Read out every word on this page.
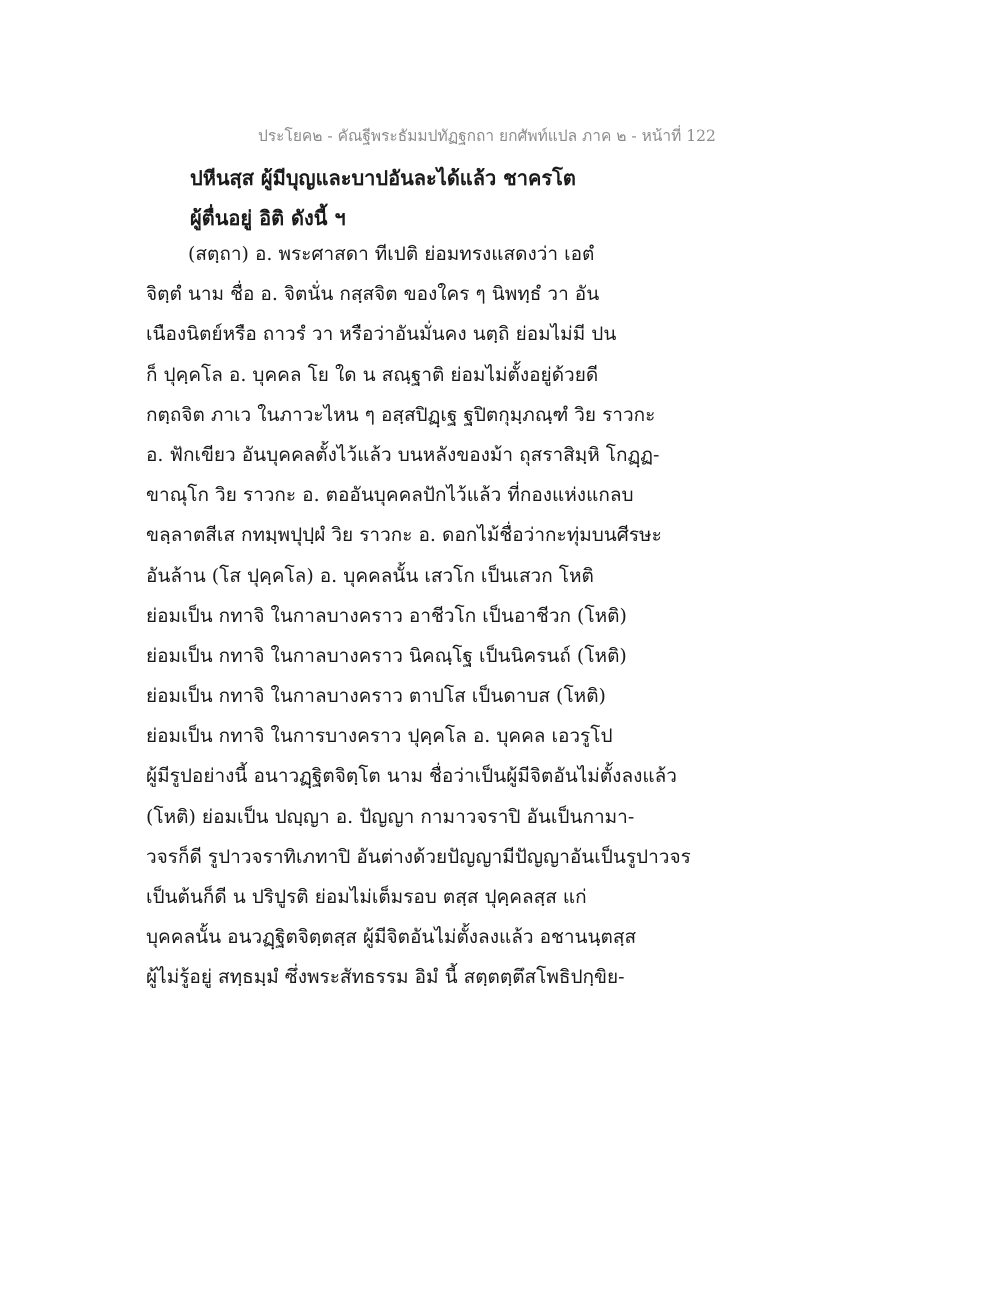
ประโยค๒ - คัณฐีพระธัมมปทัฏฐกถา ยกศัพท์แปล ภาค ๒ - หน้าที่ 122
ปหีนสฺส ผู้มีบุญและบาปอันละได้แล้ว ชาครโต
ผู้ตื่นอยู่ อิติ ดังนี้ ฯ
(สตฺถา) อ. พระศาสดา ทีเปติ ย่อมทรงแสดงว่า เอตํ
จิตฺตํ นาม ชื่อ อ. จิตนั่น กสฺสจิต ของใคร ๆ นิพทฺธํ วา อัน
เนืองนิตย์หรือ ถาวรํ วา หรือว่าอันมั่นคง นตฺถิ ย่อมไม่มี ปน
ก็ ปุคฺคโล อ. บุคคล โย ใด น สณฺฐาติ ย่อมไม่ตั้งอยู่ด้วยดี
กตฺถจิต ภาเว ในภาวะไหน ๆ อสฺสปิฏฺเฐ ฐปิตกุมฺภณฺฑํ วิย ราวกะ
อ. ฟักเขียว อันบุคคลตั้งไว้แล้ว บนหลังของม้า ถุสราสิมฺหิ โกฏฺฏ-
ขาณุโก วิย ราวกะ อ. ตออันบุคคลปักไว้แล้ว ที่กองแห่งแกลบ
ขลฺลาตสีเส กทมฺพปุปฺผํ วิย ราวกะ อ. ดอกไม้ชื่อว่ากะทุ่มบนศีรษะ
อันล้าน (โส ปุคฺคโล) อ. บุคคลนั้น เสวโก เป็นเสวก โหติ
ย่อมเป็น กทาจิ ในกาลบางคราว อาชีวโก เป็นอาชีวก (โหติ)
ย่อมเป็น กทาจิ ในกาลบางคราว นิคณฺโฐ เป็นนิครนถ์ (โหติ)
ย่อมเป็น กทาจิ ในกาลบางคราว ตาปโส เป็นดาบส (โหติ)
ย่อมเป็น กทาจิ ในการบางคราว ปุคฺคโล อ. บุคคล เอวรูโป
ผู้มีรูปอย่างนี้ อนาวฏฺฐิตจิตฺโต นาม ชื่อว่าเป็นผู้มีจิตอันไม่ตั้งลงแล้ว
(โหติ) ย่อมเป็น ปญฺญา อ. ปัญญา กามาวจราปิ อันเป็นกามา-
วจรก็ดี รูปาวจราทิเภทาปิ อันต่างด้วยปัญญามีปัญญาอันเป็นรูปาวจร
เป็นต้นก็ดี น ปริปูรติ ย่อมไม่เต็มรอบ ตสฺส ปุคฺคลสฺส แก่
บุคคลนั้น อนวฏฺฐิตจิตฺตสฺส ผู้มีจิตอันไม่ตั้งลงแล้ว อชานนฺตสฺส
ผู้ไม่รู้อยู่ สทฺธมฺมํ ซึ่งพระสัทธรรม อิมํ นี้ สตฺตตฺตึสโพธิปกฺขิย-
